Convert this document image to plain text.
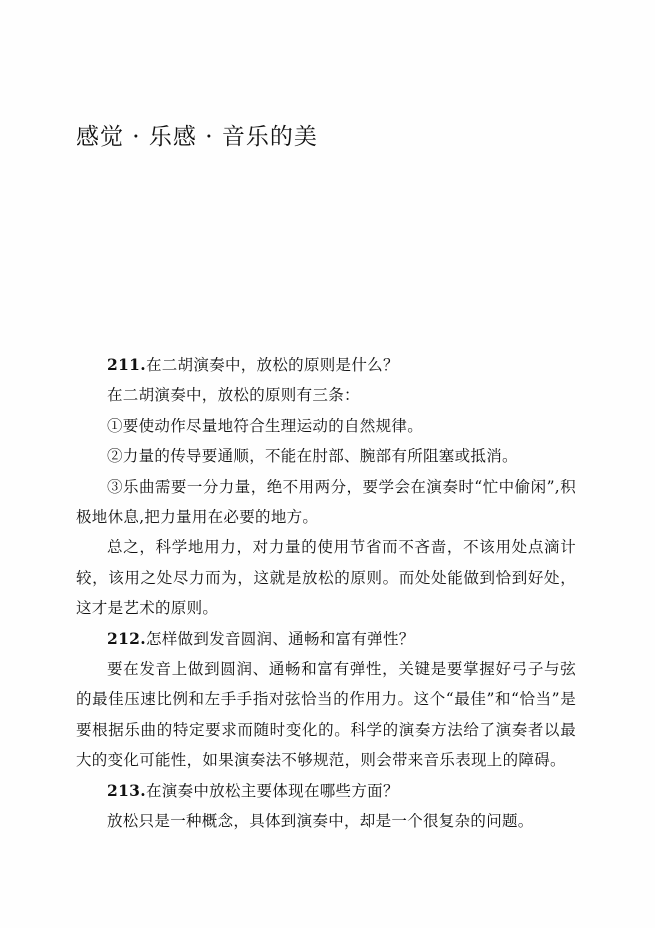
感觉 · 乐感 · 音乐的美

211.在二胡演奏中，放松的原则是什么？

在二胡演奏中，放松的原则有三条：

①要使动作尽量地符合生理运动的自然规律。

②力量的传导要通顺，不能在肘部、腕部有所阻塞或抵消。

③乐曲需要一分力量，绝不用两分，要学会在演奏时“忙中偷闲”,积极地休息,把力量用在必要的地方。

总之，科学地用力，对力量的使用节省而不吝啬，不该用处点滴计较，该用之处尽力而为，这就是放松的原则。而处处能做到恰到好处，这才是艺术的原则。

212.怎样做到发音圆润、通畅和富有弹性？

要在发音上做到圆润、通畅和富有弹性，关键是要掌握好弓子与弦的最佳压速比例和左手手指对弦恰当的作用力。这个“最佳”和“恰当”是要根据乐曲的特定要求而随时变化的。科学的演奏方法给了演奏者以最大的变化可能性，如果演奏法不够规范，则会带来音乐表现上的障碍。

213.在演奏中放松主要体现在哪些方面？

放松只是一种概念，具体到演奏中，却是一个很复杂的问题。
